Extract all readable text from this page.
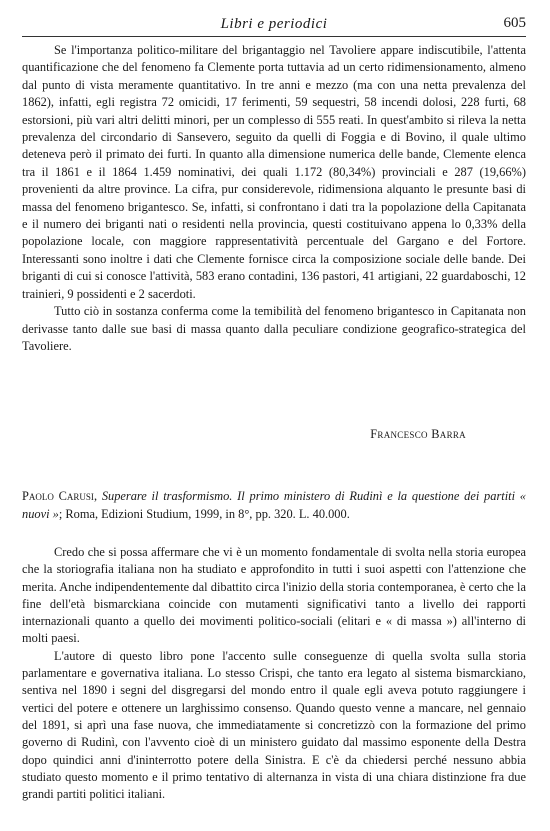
Libri e periodici	605

Se l'importanza politico-militare del brigantaggio nel Tavoliere appare indiscutibile, l'attenta quantificazione che del fenomeno fa Clemente porta tuttavia ad un certo ridimensionamento, almeno dal punto di vista meramente quantitativo. In tre anni e mezzo (ma con una netta prevalenza del 1862), infatti, egli registra 72 omicidi, 17 ferimenti, 59 sequestri, 58 incendi dolosi, 228 furti, 68 estorsioni, più vari altri delitti minori, per un complesso di 555 reati. In quest'ambito si rileva la netta prevalenza del circondario di Sansevero, seguito da quelli di Foggia e di Bovino, il quale ultimo deteneva però il primato dei furti. In quanto alla dimensione numerica delle bande, Clemente elenca tra il 1861 e il 1864 1.459 nominativi, dei quali 1.172 (80,34%) provinciali e 287 (19,66%) provenienti da altre province. La cifra, pur considerevole, ridimensiona alquanto le presunte basi di massa del fenomeno brigantesco. Se, infatti, si confrontano i dati tra la popolazione della Capitanata e il numero dei briganti nati o residenti nella provincia, questi costituivano appena lo 0,33% della popolazione locale, con maggiore rappresentatività percentuale del Gargano e del Fortore. Interessanti sono inoltre i dati che Clemente fornisce circa la composizione sociale delle bande. Dei briganti di cui si conosce l'attività, 583 erano contadini, 136 pastori, 41 artigiani, 22 guardaboschi, 12 trainieri, 9 possidenti e 2 sacerdoti.

Tutto ciò in sostanza conferma come la temibilità del fenomeno brigantesco in Capitanata non derivasse tanto dalle sue basi di massa quanto dalla peculiare condizione geografico-strategica del Tavoliere.

Francesco Barra

Paolo Carusi, Superare il trasformismo. Il primo ministero di Rudinì e la questione dei partiti « nuovi »; Roma, Edizioni Studium, 1999, in 8°, pp. 320. L. 40.000.

Credo che si possa affermare che vi è un momento fondamentale di svolta nella storia europea che la storiografia italiana non ha studiato e approfondito in tutti i suoi aspetti con l'attenzione che merita. Anche indipendentemente dal dibattito circa l'inizio della storia contemporanea, è certo che la fine dell'età bismarckiana coincide con mutamenti significativi tanto a livello dei rapporti internazionali quanto a quello dei movimenti politico-sociali (elitari e « di massa ») all'interno di molti paesi.

L'autore di questo libro pone l'accento sulle conseguenze di quella svolta sulla storia parlamentare e governativa italiana. Lo stesso Crispi, che tanto era legato al sistema bismarckiano, sentiva nel 1890 i segni del disgregarsi del mondo entro il quale egli aveva potuto raggiungere i vertici del potere e ottenere un larghissimo consenso. Quando questo venne a mancare, nel gennaio del 1891, si aprì una fase nuova, che immediatamente si concretizzò con la formazione del primo governo di Rudinì, con l'avvento cioè di un ministero guidato dal massimo esponente della Destra dopo quindici anni d'ininterrotto potere della Sinistra. E c'è da chiedersi perché nessuno abbia studiato questo momento e il primo tentativo di alternanza in vista di una chiara distinzione fra due grandi partiti politici italiani.
